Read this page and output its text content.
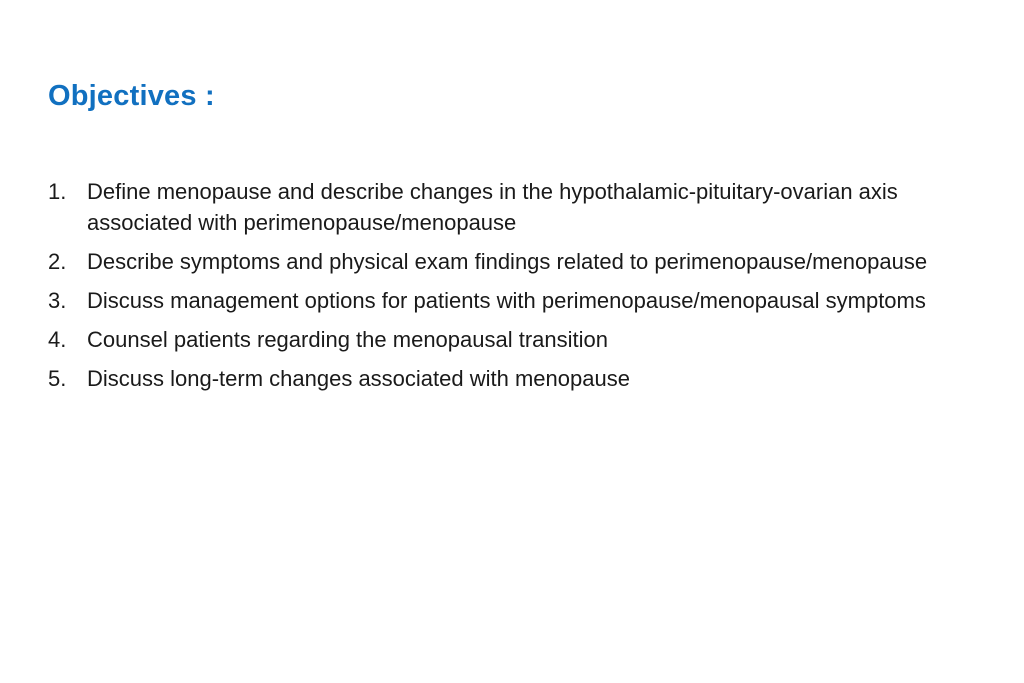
Objectives :
1. Define menopause and describe changes in the hypothalamic-pituitary-ovarian axis associated with perimenopause/menopause
2. Describe symptoms and physical exam findings related to perimenopause/menopause
3. Discuss management options for patients with perimenopause/menopausal symptoms
4. Counsel patients regarding the menopausal transition
5. Discuss long-term changes associated with menopause
